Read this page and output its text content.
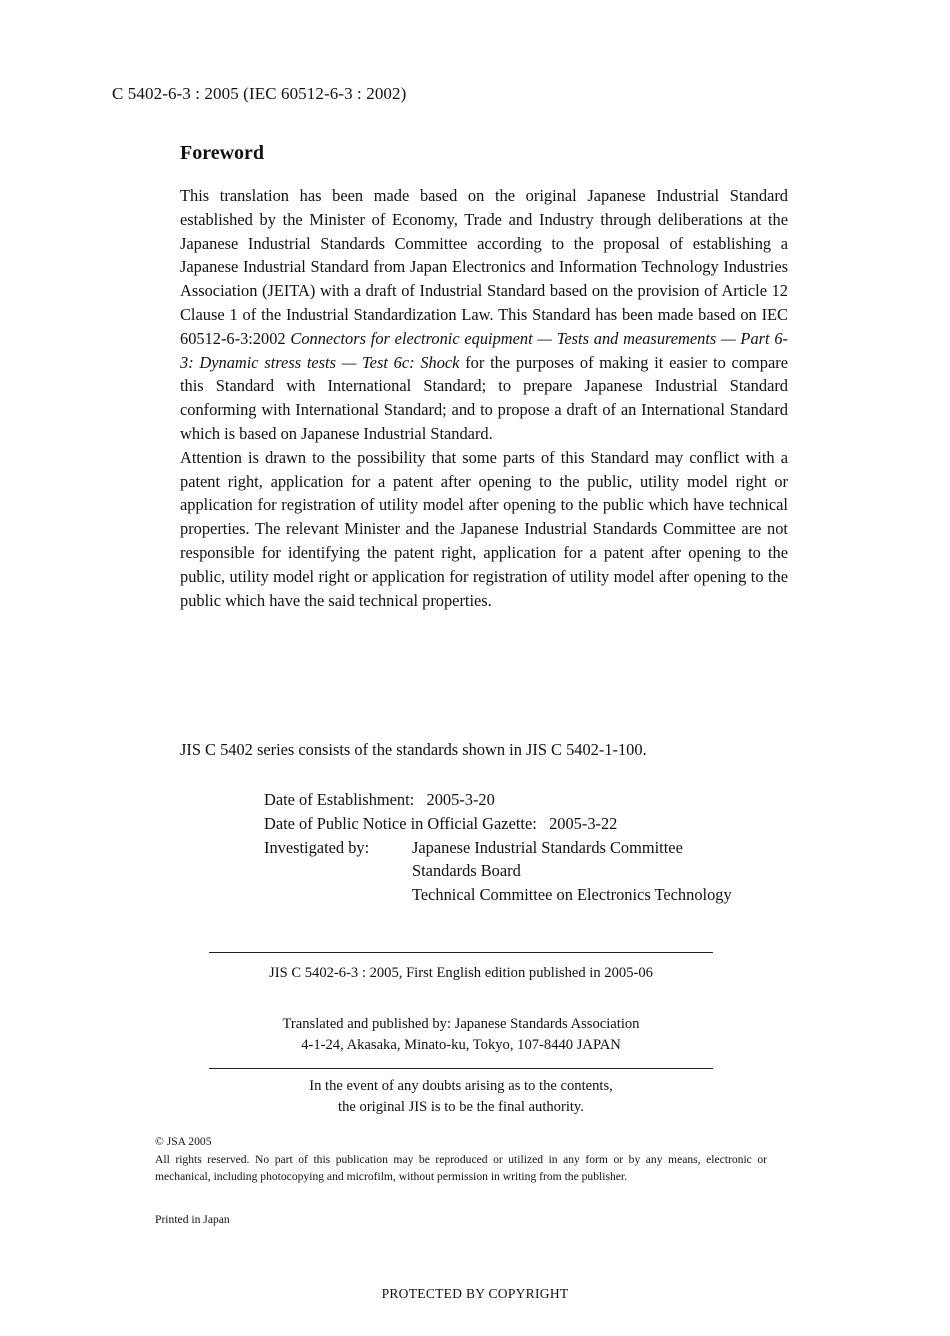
C 5402-6-3 : 2005 (IEC 60512-6-3 : 2002)
Foreword

This translation has been made based on the original Japanese Industrial Standard established by the Minister of Economy, Trade and Industry through deliberations at the Japanese Industrial Standards Committee according to the proposal of establishing a Japanese Industrial Standard from Japan Electronics and Information Technology Industries Association (JEITA) with a draft of Industrial Standard based on the provision of Article 12 Clause 1 of the Industrial Standardization Law. This Standard has been made based on IEC 60512-6-3:2002 Connectors for electronic equipment — Tests and measurements — Part 6-3: Dynamic stress tests — Test 6c: Shock for the purposes of making it easier to compare this Standard with International Standard; to prepare Japanese Industrial Standard conforming with International Standard; and to propose a draft of an International Standard which is based on Japanese Industrial Standard.

Attention is drawn to the possibility that some parts of this Standard may conflict with a patent right, application for a patent after opening to the public, utility model right or application for registration of utility model after opening to the public which have technical properties. The relevant Minister and the Japanese Industrial Standards Committee are not responsible for identifying the patent right, application for a patent after opening to the public, utility model right or application for registration of utility model after opening to the public which have the said technical properties.

JIS C 5402 series consists of the standards shown in JIS C 5402-1-100.
Date of Establishment: 2005-3-20
Date of Public Notice in Official Gazette: 2005-3-22
Investigated by:	Japanese Industrial Standards Committee
Standards Board
Technical Committee on Electronics Technology
JIS C 5402-6-3 : 2005, First English edition published in 2005-06
Translated and published by: Japanese Standards Association
4-1-24, Akasaka, Minato-ku, Tokyo, 107-8440 JAPAN
In the event of any doubts arising as to the contents,
the original JIS is to be the final authority.
© JSA 2005
All rights reserved. No part of this publication may be reproduced or utilized in any form or by any means, electronic or mechanical, including photocopying and microfilm, without permission in writing from the publisher.
Printed in Japan
PROTECTED BY COPYRIGHT
